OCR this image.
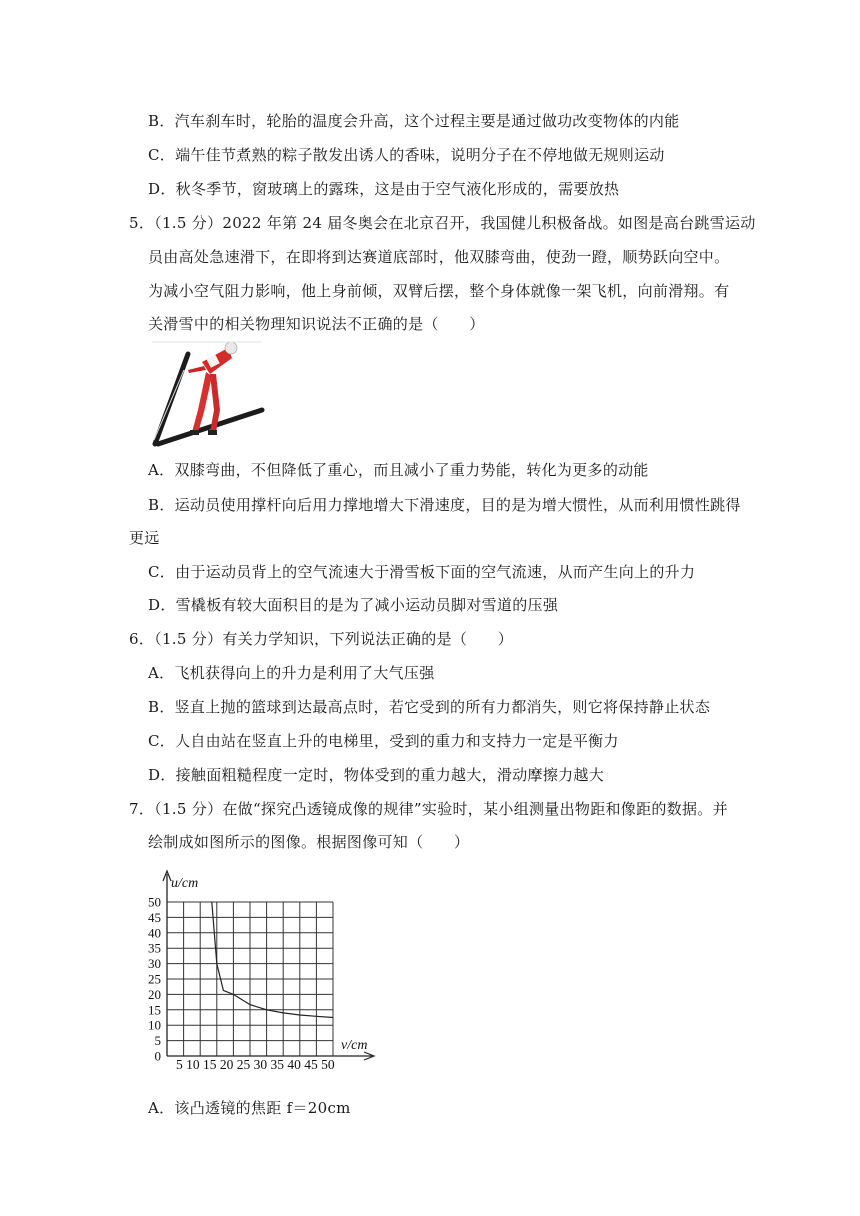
B．汽车刹车时，轮胎的温度会升高，这个过程主要是通过做功改变物体的内能
C．端午佳节煮熟的粽子散发出诱人的香味，说明分子在不停地做无规则运动
D．秋冬季节，窗玻璃上的露珠，这是由于空气液化形成的，需要放热
5．（1.5 分）2022 年第 24 届冬奥会在北京召开，我国健儿积极备战。如图是高台跳雪运动
员由高处急速滑下，在即将到达赛道底部时，他双膝弯曲，使劲一蹬，顺势跃向空中。
为减小空气阻力影响，他上身前倾，双臂后摆，整个身体就像一架飞机，向前滑翔。有
关滑雪中的相关物理知识说法不正确的是（　　）
A．双膝弯曲，不但降低了重心，而且减小了重力势能，转化为更多的动能
B．运动员使用撑杆向后用力撑地增大下滑速度，目的是为增大惯性，从而利用惯性跳得
更远
C．由于运动员背上的空气流速大于滑雪板下面的空气流速，从而产生向上的升力
D．雪橇板有较大面积目的是为了减小运动员脚对雪道的压强
6．（1.5 分）有关力学知识，下列说法正确的是（　　）
A．飞机获得向上的升力是利用了大气压强
B．竖直上抛的篮球到达最高点时，若它受到的所有力都消失，则它将保持静止状态
C．人自由站在竖直上升的电梯里，受到的重力和支持力一定是平衡力
D．接触面粗糙程度一定时，物体受到的重力越大，滑动摩擦力越大
7．（1.5 分）在做“探究凸透镜成像的规律”实验时，某小组测量出物距和像距的数据。并
绘制成如图所示的图像。根据图像可知（　　）
0
5
10
15
20
25
30
35
40
45
50
5 10 15 20 25 30 35 40 45 50
u/cm
v/cm
A．该凸透镜的焦距 f＝20cm
